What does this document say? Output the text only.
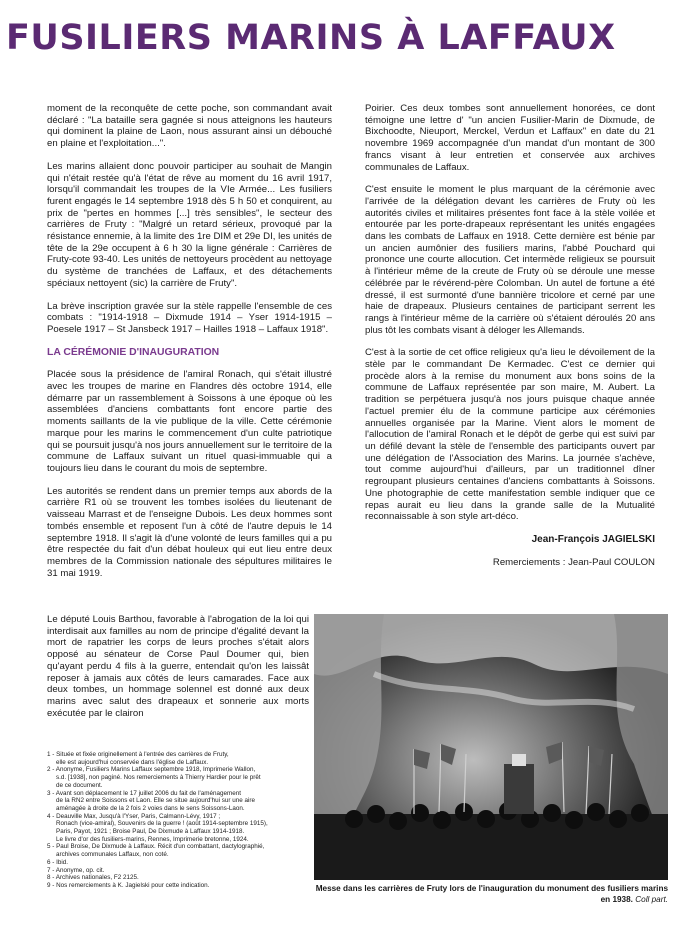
FUSILIERS MARINS À LAFFAUX

moment de la reconquête de cette poche, son commandant avait déclaré : "La bataille sera gagnée si nous atteignons les hauteurs qui dominent la plaine de Laon, nous assurant ainsi un débouché en plaine et l'exploitation...".

Les marins allaient donc pouvoir participer au souhait de Mangin qui n'était restée qu'à l'état de rêve au moment du 16 avril 1917, lorsqu'il commandait les troupes de la VIe Armée... Les fusiliers furent engagés le 14 septembre 1918 dès 5 h 50 et conquirent, au prix de "pertes en hommes [...] très sensibles", le secteur des carrières de Fruty : "Malgré un retard sérieux, provoqué par la résistance ennemie, à la limite des 1re DIM et 29e DI, les unités de tête de la 29e occupent à 6 h 30 la ligne générale : Carrières de Fruty-cote 93-40. Les unités de nettoyeurs procèdent au nettoyage du système de tranchées de Laffaux, et des détachements spéciaux nettoyent (sic) la carrière de Fruty".

La brève inscription gravée sur la stèle rappelle l'ensemble de ces combats : "1914-1918 – Dixmude 1914 – Yser 1914-1915 – Poesele 1917 – St Jansbeck 1917 – Hailles 1918 – Laffaux 1918".

LA CÉRÉMONIE D'INAUGURATION

Placée sous la présidence de l'amiral Ronach, qui s'était illustré avec les troupes de marine en Flandres dès octobre 1914, elle démarre par un rassemblement à Soissons à une époque où les assemblées d'anciens combattants font encore partie des moments saillants de la vie publique de la ville. Cette cérémonie marque pour les marins le commencement d'un culte patriotique qui se poursuit jusqu'à nos jours annuellement sur le territoire de la commune de Laffaux suivant un rituel quasi-immuable qui a toujours lieu dans le courant du mois de septembre.

Les autorités se rendent dans un premier temps aux abords de la carrière R1 où se trouvent les tombes isolées du lieutenant de vaisseau Marrast et de l'enseigne Dubois. Les deux hommes sont tombés ensemble et reposent l'un à côté de l'autre depuis le 14 septembre 1918. Il s'agit là d'une volonté de leurs familles qui a pu être respectée du fait d'un débat houleux qui eut lieu entre deux membres de la Commission nationale des sépultures militaires le 31 mai 1919.

Le député Louis Barthou, favorable à l'abrogation de la loi qui interdisait aux familles au nom de principe d'égalité devant la mort de rapatrier les corps de leurs proches s'était alors opposé au sénateur de Corse Paul Doumer qui, bien qu'ayant perdu 4 fils à la guerre, entendait qu'on les laissât reposer à jamais aux côtés de leurs camarades. Face aux deux tombes, un hommage solennel est donné aux deux marins avec salut des drapeaux et sonnerie aux morts exécutée par le clairon

Poirier. Ces deux tombes sont annuellement honorées, ce dont témoigne une lettre d' "un ancien Fusilier-Marin de Dixmude, de Bixchoodte, Nieuport, Merckel, Verdun et Laffaux" en date du 21 novembre 1969 accompagnée d'un mandat d'un montant de 300 francs visant à leur entretien et conservée aux archives communales de Laffaux.

C'est ensuite le moment le plus marquant de la cérémonie avec l'arrivée de la délégation devant les carrières de Fruty où les autorités civiles et militaires présentes font face à la stèle voilée et entourée par les porte-drapeaux représentant les unités engagées dans les combats de Laffaux en 1918. Cette dernière est bénie par un ancien aumônier des fusiliers marins, l'abbé Pouchard qui prononce une courte allocution. Cet intermède religieux se poursuit à l'intérieur même de la creute de Fruty où se déroule une messe célébrée par le révérend-père Colomban. Un autel de fortune a été dressé, il est surmonté d'une bannière tricolore et cerné par une haie de drapeaux. Plusieurs centaines de participant serrent les rangs à l'intérieur même de la carrière où s'étaient déroulés 20 ans plus tôt les combats visant à déloger les Allemands.

C'est à la sortie de cet office religieux qu'a lieu le dévoilement de la stèle par le commandant De Kermadec. C'est ce dernier qui procède alors à la remise du monument aux bons soins de la commune de Laffaux représentée par son maire, M. Aubert. La tradition se perpétuera jusqu'à nos jours puisque chaque année l'actuel premier élu de la commune participe aux cérémonies annuelles organisée par la Marine. Vient alors le moment de l'allocution de l'amiral Ronach et le dépôt de gerbe qui est suivi par un défilé devant la stèle de l'ensemble des participants ouvert par une délégation de l'Association des Marins. La journée s'achève, tout comme aujourd'hui d'ailleurs, par un traditionnel dîner regroupant plusieurs centaines d'anciens combattants à Soissons. Une photographie de cette manifestation semble indiquer que ce repas aurait eu lieu dans la grande salle de la Mutualité reconnaissable à son style art-déco.

Jean-François JAGIELSKI

Remerciements : Jean-Paul COULON

Messe dans les carrières de Fruty lors de l'inauguration du monument des fusiliers marins en 1938. Coll part.
1 - Située et fixée originellement à l'entrée des carrières de Fruty,
elle est aujourd'hui conservée dans l'église de Laffaux.
2 - Anonyme, Fusiliers Marins Laffaux septembre 1918, Imprimerie Wallon,
s.d. [1938], non paginé. Nos remerciements à Thierry Hardier pour le prêt
de ce document.
3 - Avant son déplacement le 17 juillet 2006 du fait de l'aménagement
de la RN2 entre Soissons et Laon. Elle se situe aujourd'hui sur une aire
aménagée à droite de la 2 fois 2 voies dans le sens Soissons-Laon.
4 - Deauville Max, Jusqu'à l'Yser, Paris, Calmann-Lévy, 1917 ;
Ronach (vice-amiral), Souvenirs de la guerre ! (août 1914-septembre 1915),
Paris, Payot, 1921 ; Broise Paul, De Dixmude à Laffaux 1914-1918.
Le livre d'or des fusiliers-marins, Rennes, Imprimerie bretonne, 1924.
5 - Paul Broise, De Dixmude à Laffaux. Récit d'un combattant, dactylographié,
archives communales Laffaux, non coté.
6 - Ibid.
7 - Anonyme, op. cit.
8 - Archives nationales, F2 2125.
9 - Nos remerciements à K. Jagielski pour cette indication.
